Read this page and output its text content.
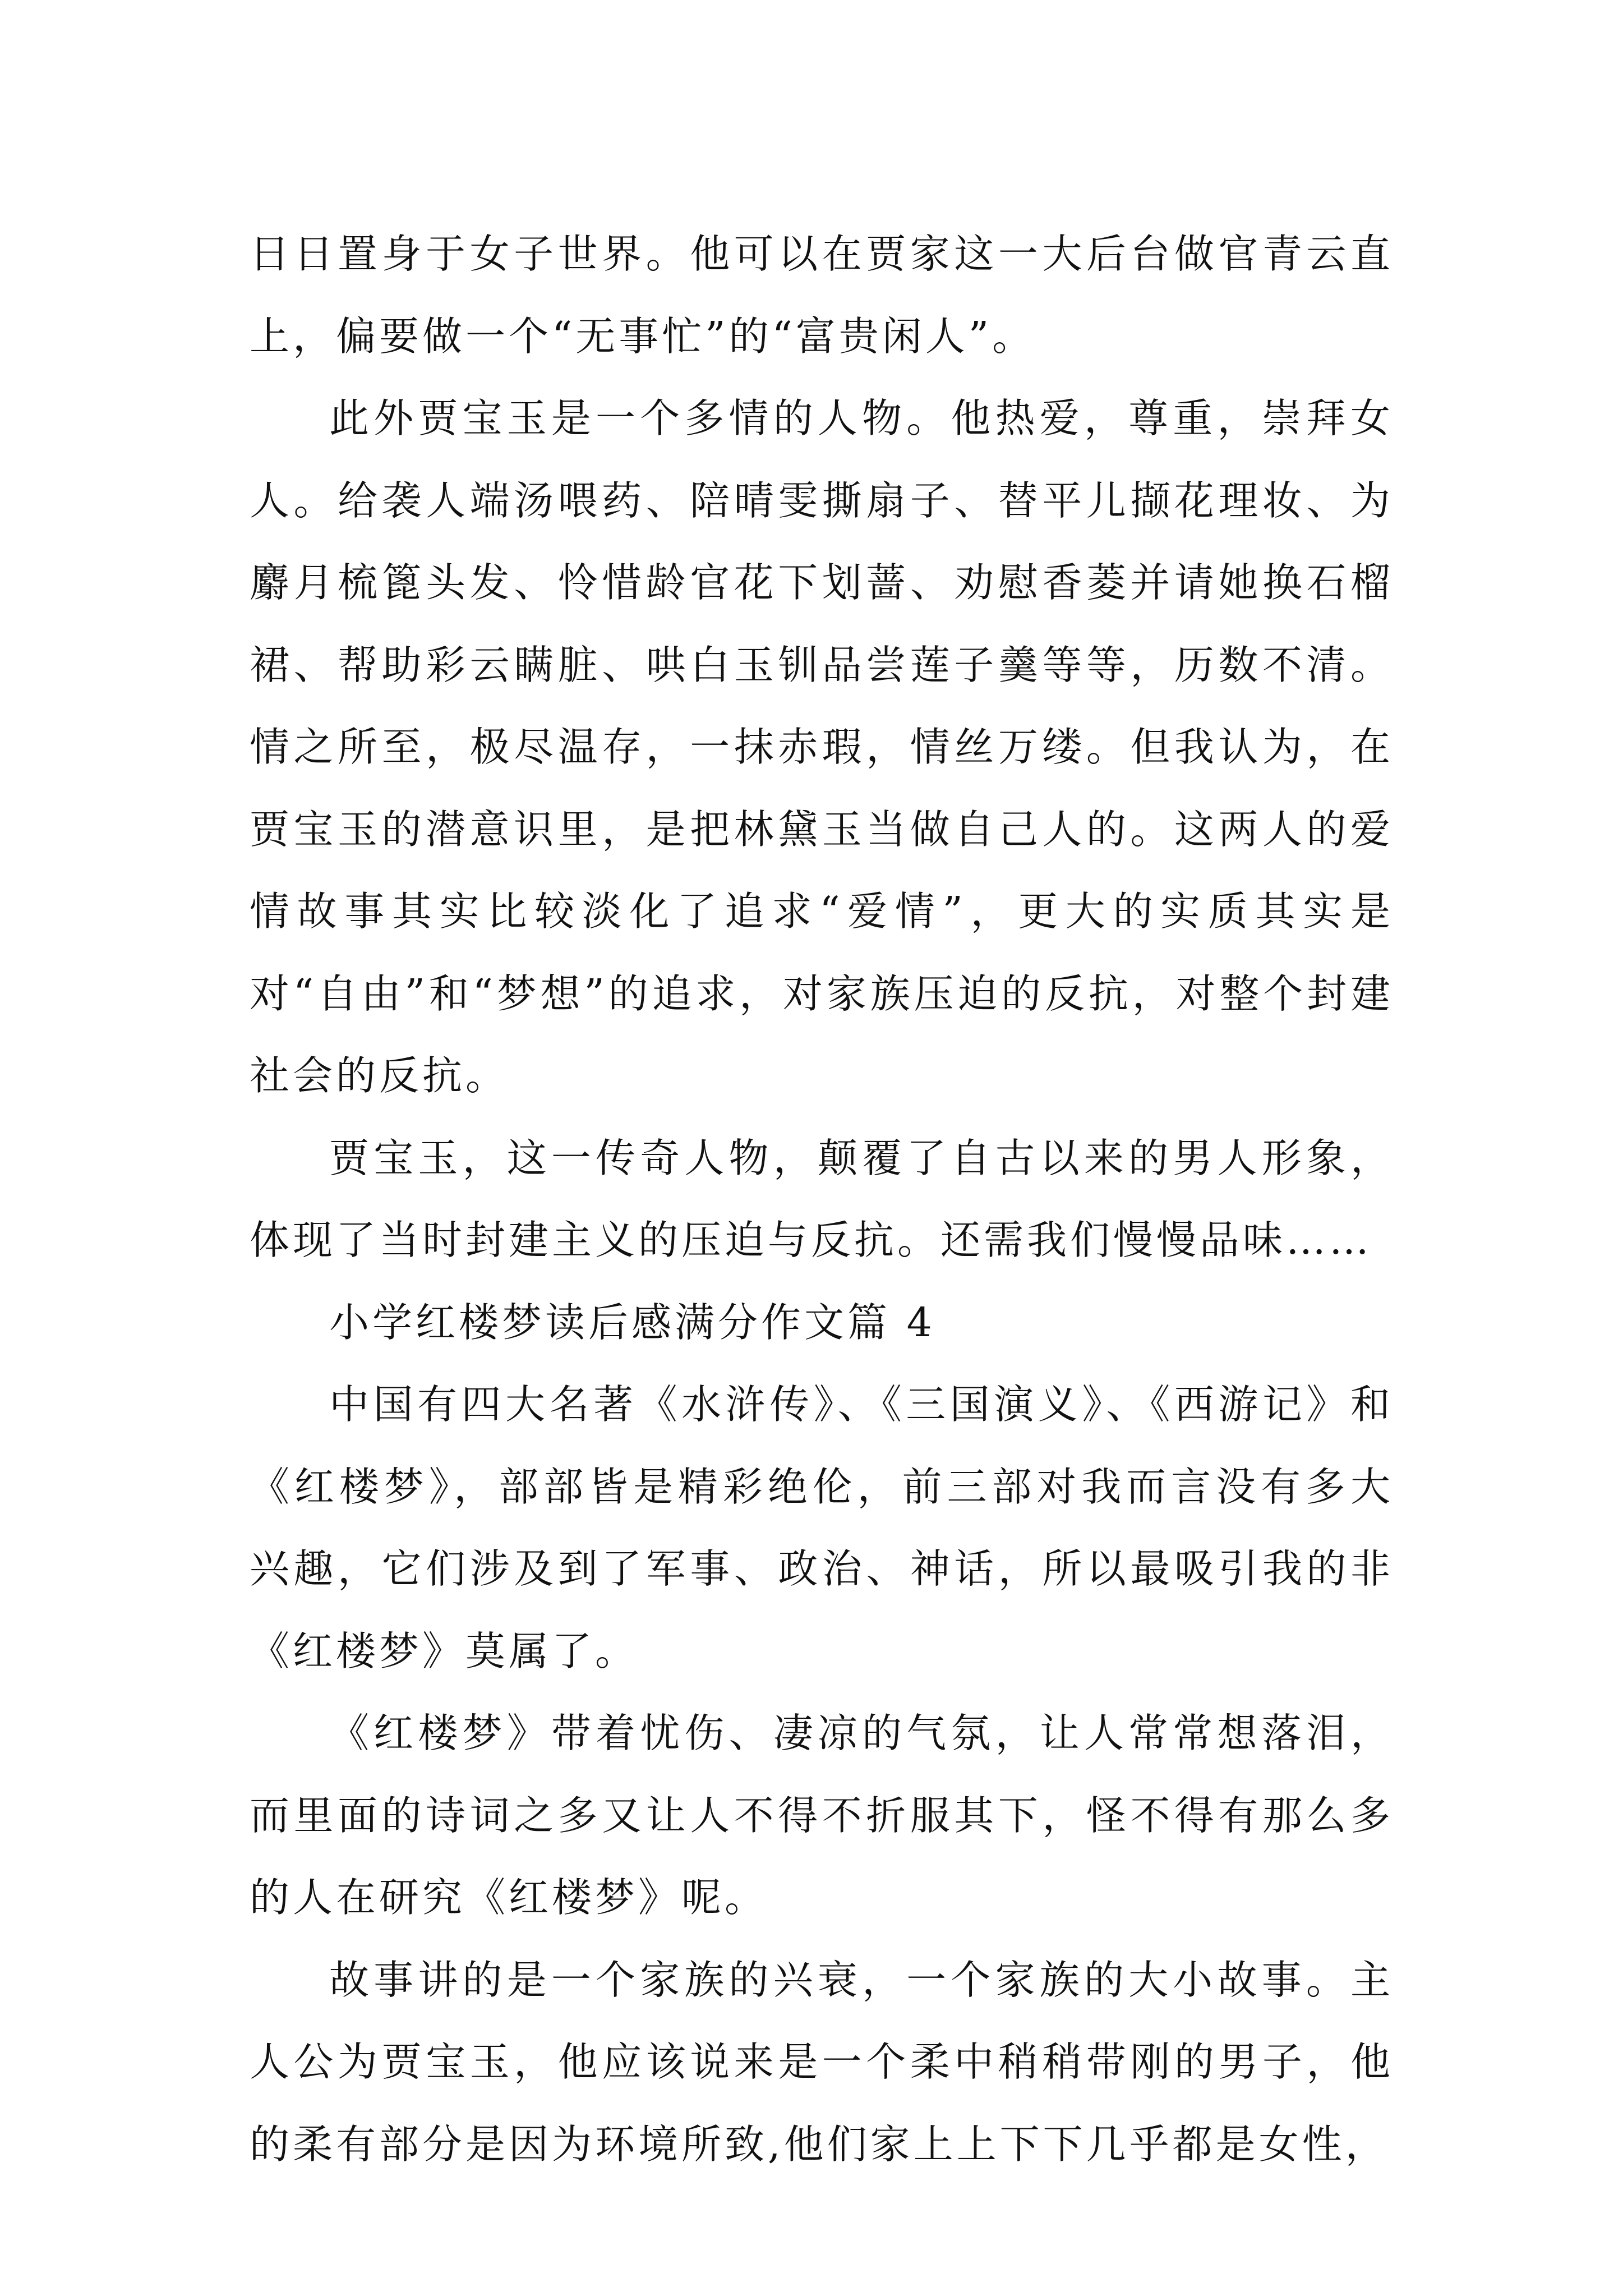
日日置身于女子世界。他可以在贾家这一大后台做官青云直上，偏要做一个“无事忙”的“富贵闲人”。

此外贾宝玉是一个多情的人物。他热爱，尊重，崇拜女人。给袭人端汤喂药、陪晴雯撕扇子、替平儿撷花理妆、为麝月梳篦头发、怜惜龄官花下划蔷、劝慰香菱并请她换石榴裙、帮助彩云瞒脏、哄白玉钏品尝莲子羹等等，历数不清。情之所至，极尽温存，一抹赤瑕，情丝万缕。但我认为，在贾宝玉的潜意识里，是把林黛玉当做自己人的。这两人的爱情故事其实比较淡化了追求“爱情”，更大的实质其实是对“自由”和“梦想”的追求，对家族压迫的反抗，对整个封建社会的反抗。

贾宝玉，这一传奇人物，颠覆了自古以来的男人形象，体现了当时封建主义的压迫与反抗。还需我们慢慢品味……

小学红楼梦读后感满分作文篇 4

中国有四大名著《水浒传》、《三国演义》、《西游记》和《红楼梦》，部部皆是精彩绝伦，前三部对我而言没有多大兴趣，它们涉及到了军事、政治、神话，所以最吸引我的非《红楼梦》莫属了。

《红楼梦》带着忧伤、凄凉的气氛，让人常常想落泪，而里面的诗词之多又让人不得不折服其下，怪不得有那么多的人在研究《红楼梦》呢。

故事讲的是一个家族的兴衰，一个家族的大小故事。主人公为贾宝玉，他应该说来是一个柔中稍稍带刚的男子，他的柔有部分是因为环境所致,他们家上上下下几乎都是女性，
